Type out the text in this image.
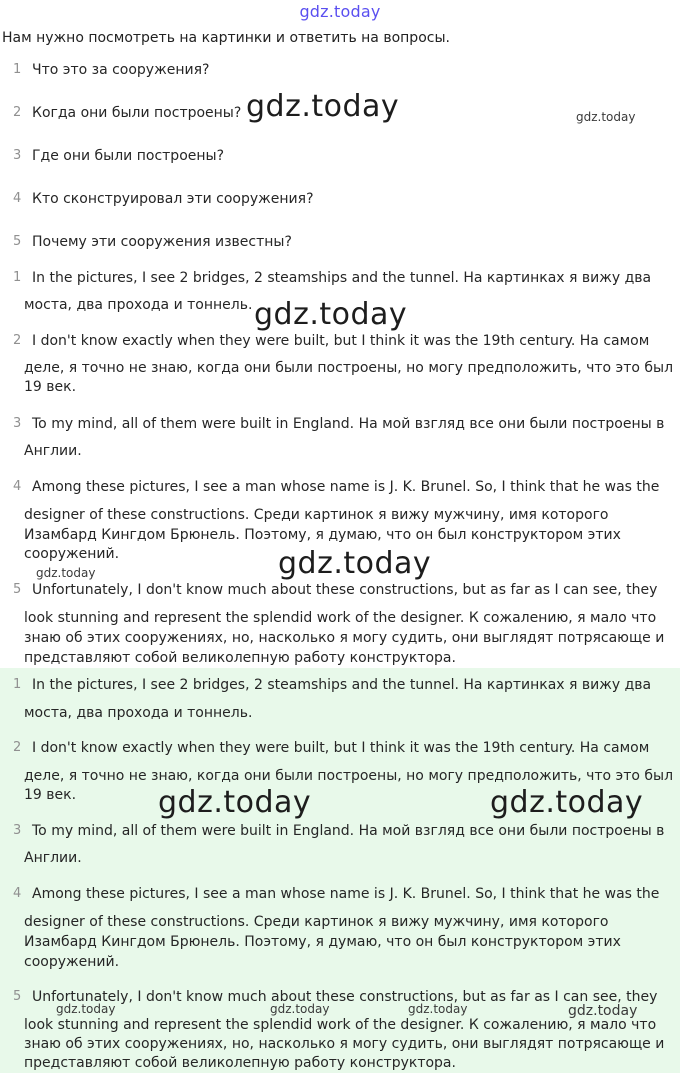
gdz.today
Нам нужно посмотреть на картинки и ответить на вопросы.
1 Что это за сооружения?
2 Когда они были построены?
3 Где они были построены?
4 Кто сконструировал эти сооружения?
5 Почему эти сооружения известны?
1 In the pictures, I see 2 bridges, 2 steamships and the tunnel. На картинках я вижу два
моста, два прохода и тоннель.
2 I don't know exactly when they were built, but I think it was the 19th century. На самом
деле, я точно не знаю, когда они были построены, но могу предположить, что это был
19 век.
3 To my mind, all of them were built in England. На мой взгляд все они были построены в
Англии.
4 Among these pictures, I see a man whose name is J. K. Brunel. So, I think that he was the
designer of these constructions. Среди картинок я вижу мужчину, имя которого
Изамбард Кингдом Брюнель. Поэтому, я думаю, что он был конструктором этих
сооружений.
5 Unfortunately, I don't know much about these constructions, but as far as I can see, they
look stunning and represent the splendid work of the designer. К сожалению, я мало что
знаю об этих сооружениях, но, насколько я могу судить, они выглядят потрясающе и
представляют собой великолепную работу конструктора.
1 In the pictures, I see 2 bridges, 2 steamships and the tunnel. На картинках я вижу два
моста, два прохода и тоннель.
2 I don't know exactly when they were built, but I think it was the 19th century. На самом
деле, я точно не знаю, когда они были построены, но могу предположить, что это был
19 век.
3 To my mind, all of them were built in England. На мой взгляд все они были построены в
Англии.
4 Among these pictures, I see a man whose name is J. K. Brunel. So, I think that he was the
designer of these constructions. Среди картинок я вижу мужчину, имя которого
Изамбард Кингдом Брюнель. Поэтому, я думаю, что он был конструктором этих
сооружений.
5 Unfortunately, I don't know much about these constructions, but as far as I can see, they
look stunning and represent the splendid work of the designer. К сожалению, я мало что
знаю об этих сооружениях, но, насколько я могу судить, они выглядят потрясающе и
представляют собой великолепную работу конструктора.
gdz.today	gdz.today
gdz.today
gdz.today
gdz.today
gdz.today	gdz.today
gdz.today	gdz.today	gdz.today	gdz.today
